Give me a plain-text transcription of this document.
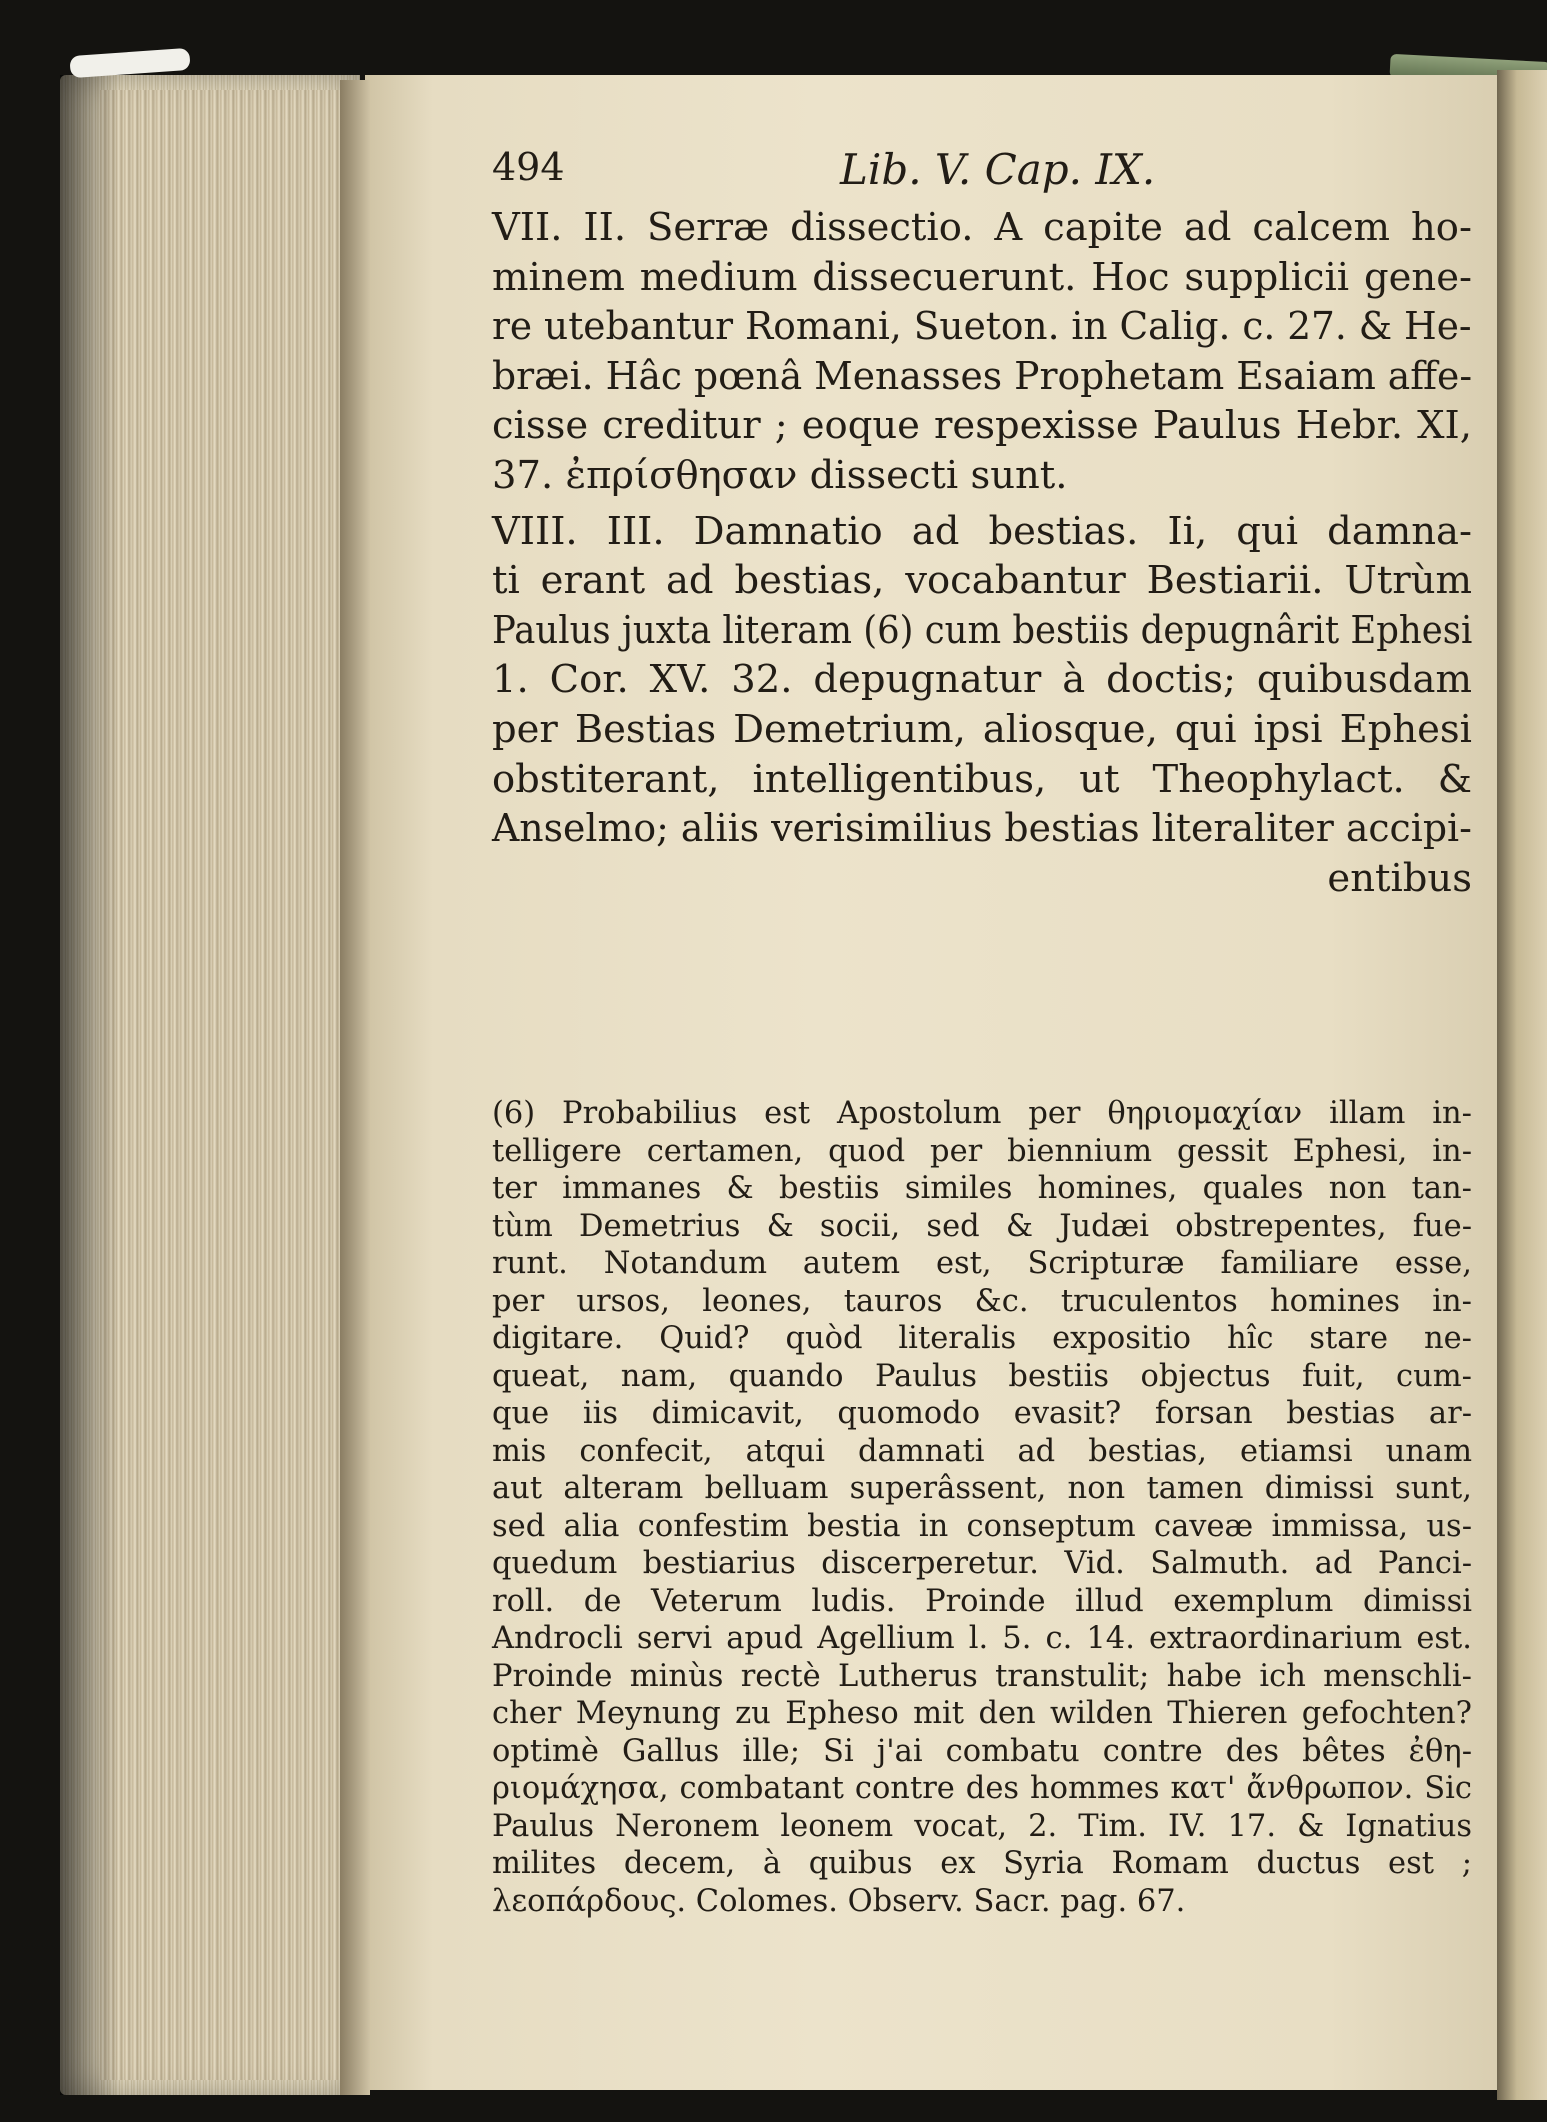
494	Lib. V. Cap. IX.

VII. II. Serræ dissectio. A capite ad calcem ho-
minem medium dissecuerunt. Hoc supplicii gene-
re utebantur Romani, Sueton. in Calig. c. 27. & He-
bræi. Hâc pœnâ Menasses Prophetam Esaiam affe-
cisse creditur ; eoque respexisse Paulus Hebr. XI,
37. ἐπρίσθησαν dissecti sunt.

VIII. III. Damnatio ad bestias. Ii, qui damna-
ti erant ad bestias, vocabantur Bestiarii. Utrùm
Paulus juxta literam (6) cum bestiis depugnârit Ephesi
1. Cor. XV. 32. depugnatur à doctis; quibusdam
per Bestias Demetrium, aliosque, qui ipsi Ephesi
obstiterant, intelligentibus, ut Theophylact. &
Anselmo; aliis verisimilius bestias literaliter accipi-
entibus

(6) Probabilius est Apostolum per θηριομαχίαν illam in-
telligere certamen, quod per biennium gessit Ephesi, in-
ter immanes & bestiis similes homines, quales non tan-
tùm Demetrius & socii, sed & Judæi obstrepentes, fue-
runt. Notandum autem est, Scripturæ familiare esse,
per ursos, leones, tauros &c. truculentos homines in-
digitare. Quid? quòd literalis expositio hîc stare ne-
queat, nam, quando Paulus bestiis objectus fuit, cum-
que iis dimicavit, quomodo evasit? forsan bestias ar-
mis confecit, atqui damnati ad bestias, etiamsi unam
aut alteram belluam superâssent, non tamen dimissi sunt,
sed alia confestim bestia in conseptum caveæ immissa, us-
quedum bestiarius discerperetur. Vid. Salmuth. ad Panci-
roll. de Veterum ludis. Proinde illud exemplum dimissi
Androcli servi apud Agellium l. 5. c. 14. extraordinarium est.
Proinde minùs rectè Lutherus transtulit; habe ich menschli-
cher Meynung zu Epheso mit den wilden Thieren gefochten?
optimè Gallus ille; Si j'ai combatu contre des bêtes ἐθη-
ριομάχησα, combatant contre des hommes κατ' ἄνθρωπον. Sic
Paulus Neronem leonem vocat, 2. Tim. IV. 17. & Ignatius
milites decem, à quibus ex Syria Romam ductus est ;
λεοπάρδους. Colomes. Observ. Sacr. pag. 67.
